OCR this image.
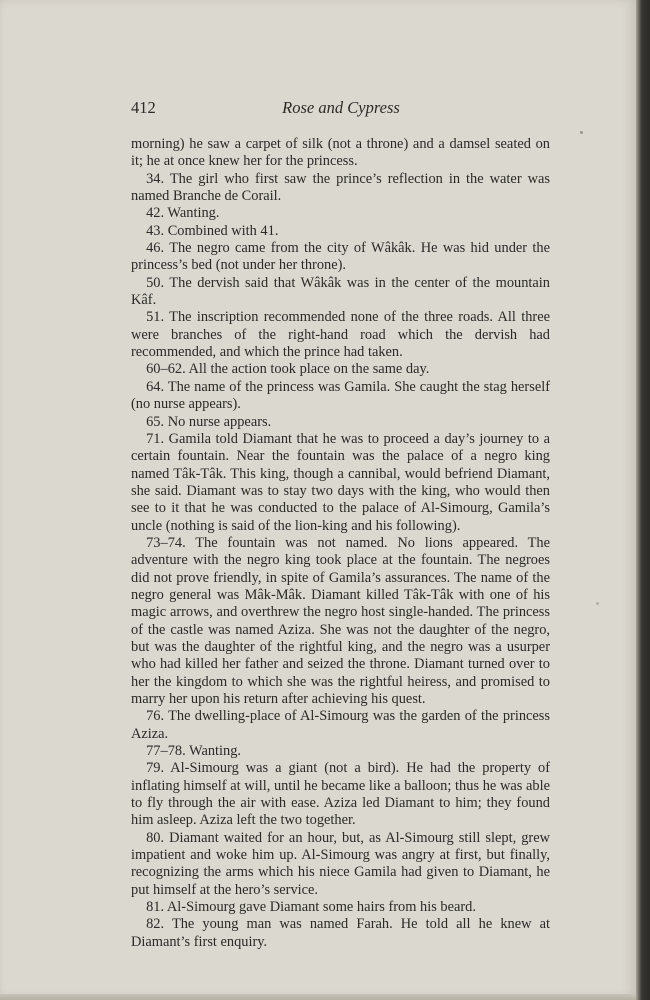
412	Rose and Cypress

morning) he saw a carpet of silk (not a throne) and a damsel seated on it; he at once knew her for the princess.

34. The girl who first saw the prince’s reflection in the water was named Branche de Corail.

42. Wanting.

43. Combined with 41.

46. The negro came from the city of Wâkâk. He was hid under the princess’s bed (not under her throne).

50. The dervish said that Wâkâk was in the center of the mountain Kâf.

51. The inscription recommended none of the three roads. All three were branches of the right-hand road which the dervish had recommended, and which the prince had taken.

60–62. All the action took place on the same day.

64. The name of the princess was Gamila. She caught the stag herself (no nurse appears).

65. No nurse appears.

71. Gamila told Diamant that he was to proceed a day’s journey to a certain fountain. Near the fountain was the palace of a negro king named Tâk-Tâk. This king, though a cannibal, would befriend Diamant, she said. Diamant was to stay two days with the king, who would then see to it that he was conducted to the palace of Al-Simourg, Gamila’s uncle (nothing is said of the lion-king and his following).

73–74. The fountain was not named. No lions appeared. The adventure with the negro king took place at the fountain. The negroes did not prove friendly, in spite of Gamila’s assurances. The name of the negro general was Mâk-Mâk. Diamant killed Tâk-Tâk with one of his magic arrows, and overthrew the negro host single-handed. The princess of the castle was named Aziza. She was not the daughter of the negro, but was the daughter of the rightful king, and the negro was a usurper who had killed her father and seized the throne. Diamant turned over to her the kingdom to which she was the rightful heiress, and promised to marry her upon his return after achieving his quest.

76. The dwelling-place of Al-Simourg was the garden of the princess Aziza.

77–78. Wanting.

79. Al-Simourg was a giant (not a bird). He had the property of inflating himself at will, until he became like a balloon; thus he was able to fly through the air with ease. Aziza led Diamant to him; they found him asleep. Aziza left the two together.

80. Diamant waited for an hour, but, as Al-Simourg still slept, grew impatient and woke him up. Al-Simourg was angry at first, but finally, recognizing the arms which his niece Gamila had given to Diamant, he put himself at the hero’s service.

81. Al-Simourg gave Diamant some hairs from his beard.

82. The young man was named Farah. He told all he knew at Diamant’s first enquiry.
